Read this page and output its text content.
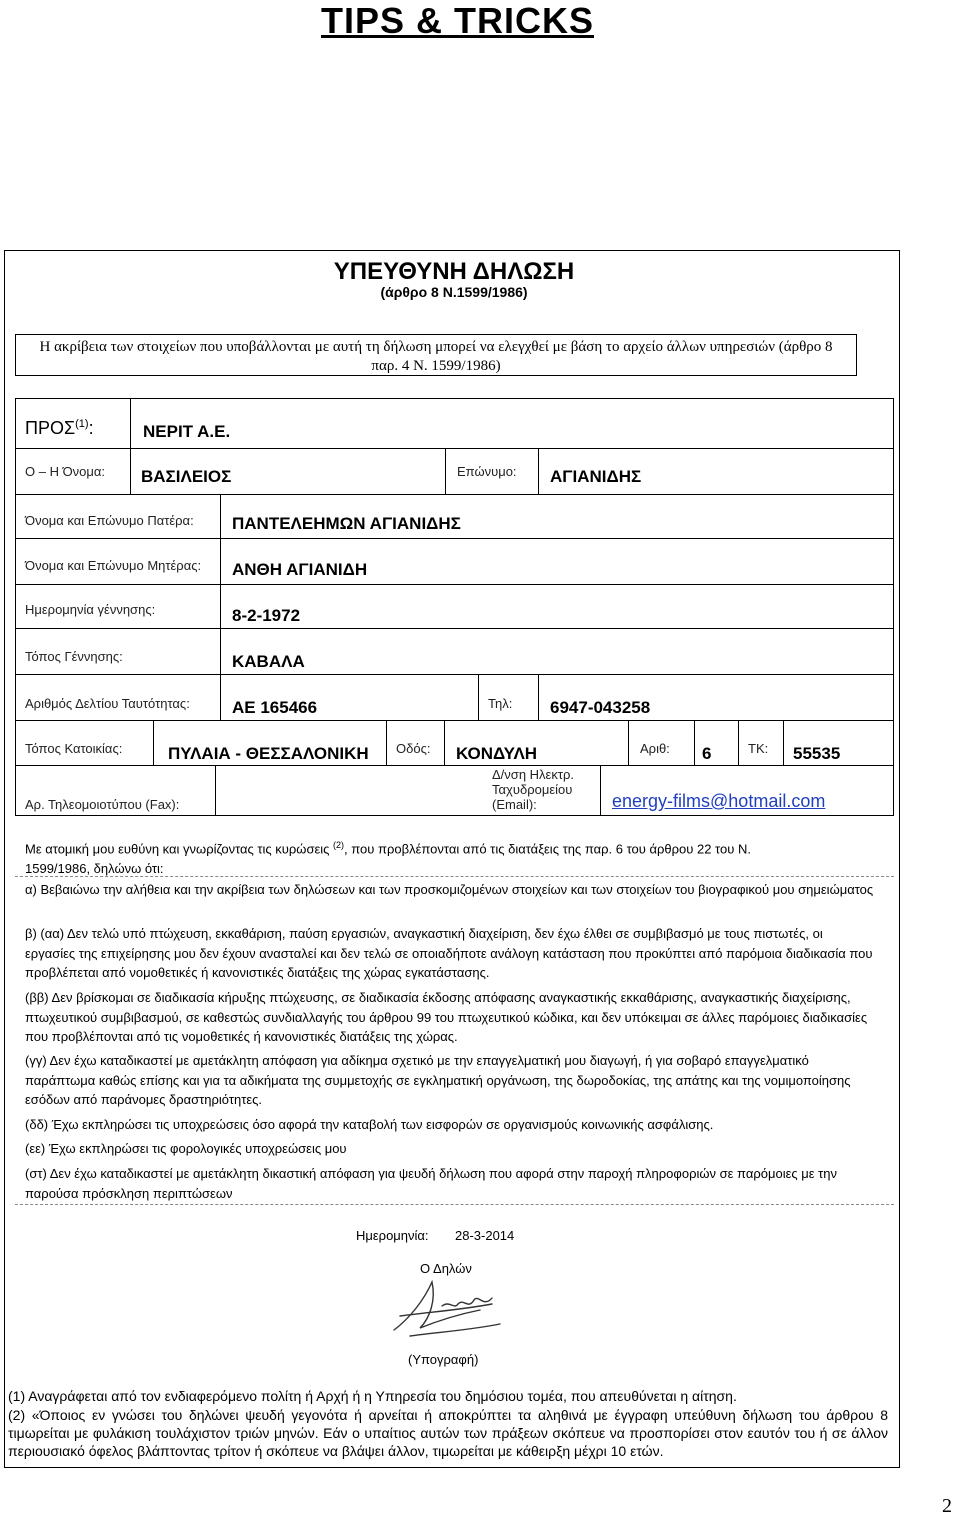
TIPS & TRICKS
ΥΠΕΥΘΥΝΗ ΔΗΛΩΣΗ
(άρθρο 8 Ν.1599/1986)
Η ακρίβεια των στοιχείων που υποβάλλονται με αυτή τη δήλωση μπορεί να ελεγχθεί με βάση το αρχείο άλλων υπηρεσιών (άρθρο 8
παρ. 4 Ν. 1599/1986)
ΠΡΟΣ$^{(1)}$:	ΝΕΡΙΤ Α.Ε.
Ο – Η Όνομα: ΒΑΣΙΛΕΙΟΣ	Επώνυμο: ΑΓΙΑΝΙΔΗΣ
Όνομα και Επώνυμο Πατέρα: ΠΑΝΤΕΛΕΗΜΩΝ ΑΓΙΑΝΙΔΗΣ
Όνομα και Επώνυμο Μητέρας: ΑΝΘΗ ΑΓΙΑΝΙΔΗ
Ημερομηνία γέννησης:	8-2-1972
Τόπος Γέννησης:	ΚΑΒΑΛΑ
Αριθμός Δελτίου Ταυτότητας: ΑΕ 165466	Τηλ: 6947-043258
Τόπος Κατοικίας:	ΠΥΛΑΙΑ - ΘΕΣΣΑΛΟΝΙΚΗ Οδός: ΚΟΝΔΥΛΗ	Αριθ: 6	ΤΚ: 55535
Αρ. Τηλεομοιοτύπου (Fax):
Δ/νση Ηλεκτρ.
Ταχυδρομείου
(Email):	energy-films@hotmail.com
Με ατομική μου ευθύνη και γνωρίζοντας τις κυρώσεις $^{(2)}$, που προβλέπονται από τις διατάξεις της παρ. 6 του άρθρου 22 του Ν.
1599/1986, δηλώνω ότι:
α) Βεβαιώνω την αλήθεια και την ακρίβεια των δηλώσεων και των προσκομιζομένων στοιχείων και των στοιχείων του βιογραφικού μου σημειώματος
β) (αα) Δεν τελώ υπό πτώχευση, εκκαθάριση, παύση εργασιών, αναγκαστική διαχείριση, δεν έχω έλθει σε συμβιβασμό με τους πιστωτές, οι εργασίες της επιχείρησης μου δεν έχουν ανασταλεί και δεν τελώ σε οποιαδήποτε ανάλογη κατάσταση που προκύπτει από παρόμοια διαδικασία που προβλέπεται από νομοθετικές ή κανονιστικές διατάξεις της χώρας εγκατάστασης.
(ββ) Δεν βρίσκομαι σε διαδικασία κήρυξης πτώχευσης, σε διαδικασία έκδοσης απόφασης αναγκαστικής εκκαθάρισης, αναγκαστικής διαχείρισης, πτωχευτικού συμβιβασμού, σε καθεστώς συνδιαλλαγής του άρθρου 99 του πτωχευτικού κώδικα, και δεν υπόκειμαι σε άλλες παρόμοιες διαδικασίες που προβλέπονται από τις νομοθετικές ή κανονιστικές διατάξεις της χώρας.
(γγ) Δεν έχω καταδικαστεί με αμετάκλητη απόφαση για αδίκημα σχετικό με την επαγγελματική μου διαγωγή, ή για σοβαρό επαγγελματικό παράπτωμα καθώς επίσης και για τα αδικήματα της συμμετοχής σε εγκληματική οργάνωση, της δωροδοκίας, της απάτης και της νομιμοποίησης εσόδων από παράνομες δραστηριότητες.
(δδ) Έχω εκπληρώσει τις υποχρεώσεις όσο αφορά την καταβολή των εισφορών σε οργανισμούς κοινωνικής ασφάλισης.
(εε) Έχω εκπληρώσει τις φορολογικές υποχρεώσεις μου
(στ) Δεν έχω καταδικαστεί με αμετάκλητη δικαστική απόφαση για ψευδή δήλωση που αφορά στην παροχή πληροφοριών σε παρόμοιες με την παρούσα πρόσκληση περιπτώσεων
Ημερομηνία: 28-3-2014
Ο Δηλών
(Υπογραφή)
(1) Αναγράφεται από τον ενδιαφερόμενο πολίτη ή Αρχή ή η Υπηρεσία του δημόσιου τομέα, που απευθύνεται η αίτηση.
(2) «Όποιος εν γνώσει του δηλώνει ψευδή γεγονότα ή αρνείται ή αποκρύπτει τα αληθινά με έγγραφη υπεύθυνη δήλωση του άρθρου 8 τιμωρείται με φυλάκιση τουλάχιστον τριών μηνών. Εάν ο υπαίτιος αυτών των πράξεων σκόπευε να προσπορίσει στον εαυτόν του ή σε άλλον περιουσιακό όφελος βλάπτοντας τρίτον ή σκόπευε να βλάψει άλλον, τιμωρείται με κάθειρξη μέχρι 10 ετών.
2
